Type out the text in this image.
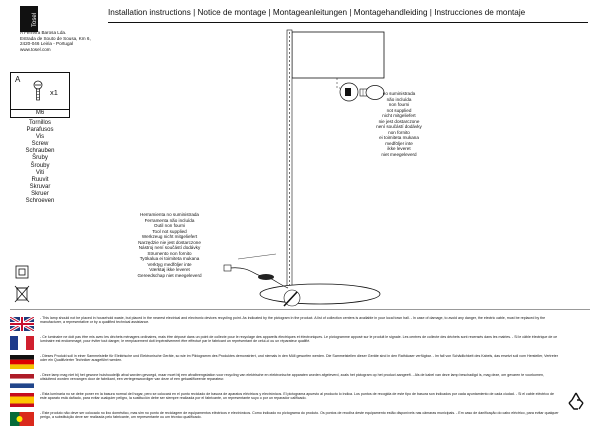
Tosel
Installation instructions | Notice de montage | Montageanleitungen | Montagehandleiding | Instrucciones de montaje
A Ferreira Barosa Lda.
Estrada de Souto de Sousa, Km 6,
2420-046 Leiria - Portugal
www.tosel.com
A
x1
M6
Tornillos
Parafusos
Vis
Screw
Schrauben
Šruby
Šrouby
Viti
Ruuvit
Skruvar
Skruer
Schroeven
no suministrada
não incluída
non fourni
not supplied
nicht mitgeliefert
nie jest dostarczone
není součástí dodávky
non fornito
ei toimiteta mukana
medföljer inte
ikke leveret
niet meegeleverd
Herramienta no suministrada
Ferramenta não incluída
Outil non fourni
Tool not supplied
Werkzeug nicht mitgeliefert
Narzędzie nie jest dostarczone
Nástroj není součástí dodávky
Strumento non fornito
Työkalua ei toimiteta mukana
Verktyg medföljer inte
Værktøj ikke leveret
Gereedschap niet meegeleverd
- This lamp should not be placed in household waste, but placed in the nearest electrical and electronic devices recycling point. As indicated by the pictogram in the product. A list of collection centers is available in your local town hall. - In case of damage, to avoid any danger, the electric cable, must be replaced by the manufacturer, a representative or by a qualified technical assistance.
- Ce luminaire ne doit pas être mis avec les déchets ménagers ordinaires, mais être déposé dans un point de collecte pour le recyclage des appareils électriques et électroniques. Le pictogramme apposé sur le produit le signale. Les centres de collecte des déchets sont recensés dans les mairies. - Si le câble électrique de ce luminaire est endommagé, pour éviter tout danger, le remplacement doit impérativement être effectué par le fabricant un représentant de celui-ci ou un réparateur qualifié.
- Dieses Produkt soll in einer Sammelstelle für Elektrische und Elektronische Geräte, so wie im Piktogramm des Produktes demonstriert, und niemals in den Müll geworfen werden. Die Sammelstellen dieser Geräte sind in den Rathäuser verfügbar. - Im fall von Schädlichkeit des Kabels, das ersetzt soll vom Hersteller, Vertreter oder ein Qualifizierter Techniker ausgeführt werden.
- Deze lamp mag niet bij het gewone huishoudelijk afval worden gevoegd, maar moet bij een afvalbrengstation voor recycling van elektrische en elektronische apparaten worden afgeleverd, zoals het pictogram op het product aangeeft. - Als de kabel van deze lamp beschadigd is, mag deze, om gevaren te voorkomen, uitsluitend worden vervangen door de fabrikant, een vertegenwoordiger van deze of een gekwalificeerde reparateur.
- Esta luminaria no se debe poner en la basura normal del hogar, pero se colocará en el punto reciclado de basura de aparatos eléctricos y electrónicos. El pictograma apuesto al producto lo indica. Los puntos de recogida de este tipo de basura son indicados por cada ayuntamiento de cada ciudad. - Si el cable eléctrico de este aparato está dañado, para evitar cualquier peligro, la sustitución debe ser siempre realizada por el fabricante, un representante suyo o por un reparador calificado.
- Este produto não deve ser colocado no lixo doméstico, mas sim no ponto de reciclagem de equipamentos eléctricos e electrónicos. Como indicado no pictograma do produto. Os pontos de recolha deste equipamento estão disponíveis nas câmaras municipais. - Em caso de danificação do cabo eléctrico, para evitar qualquer perigo, a substituição deve ser realizada pelo fabricante, um representante ou um técnico qualificado.
